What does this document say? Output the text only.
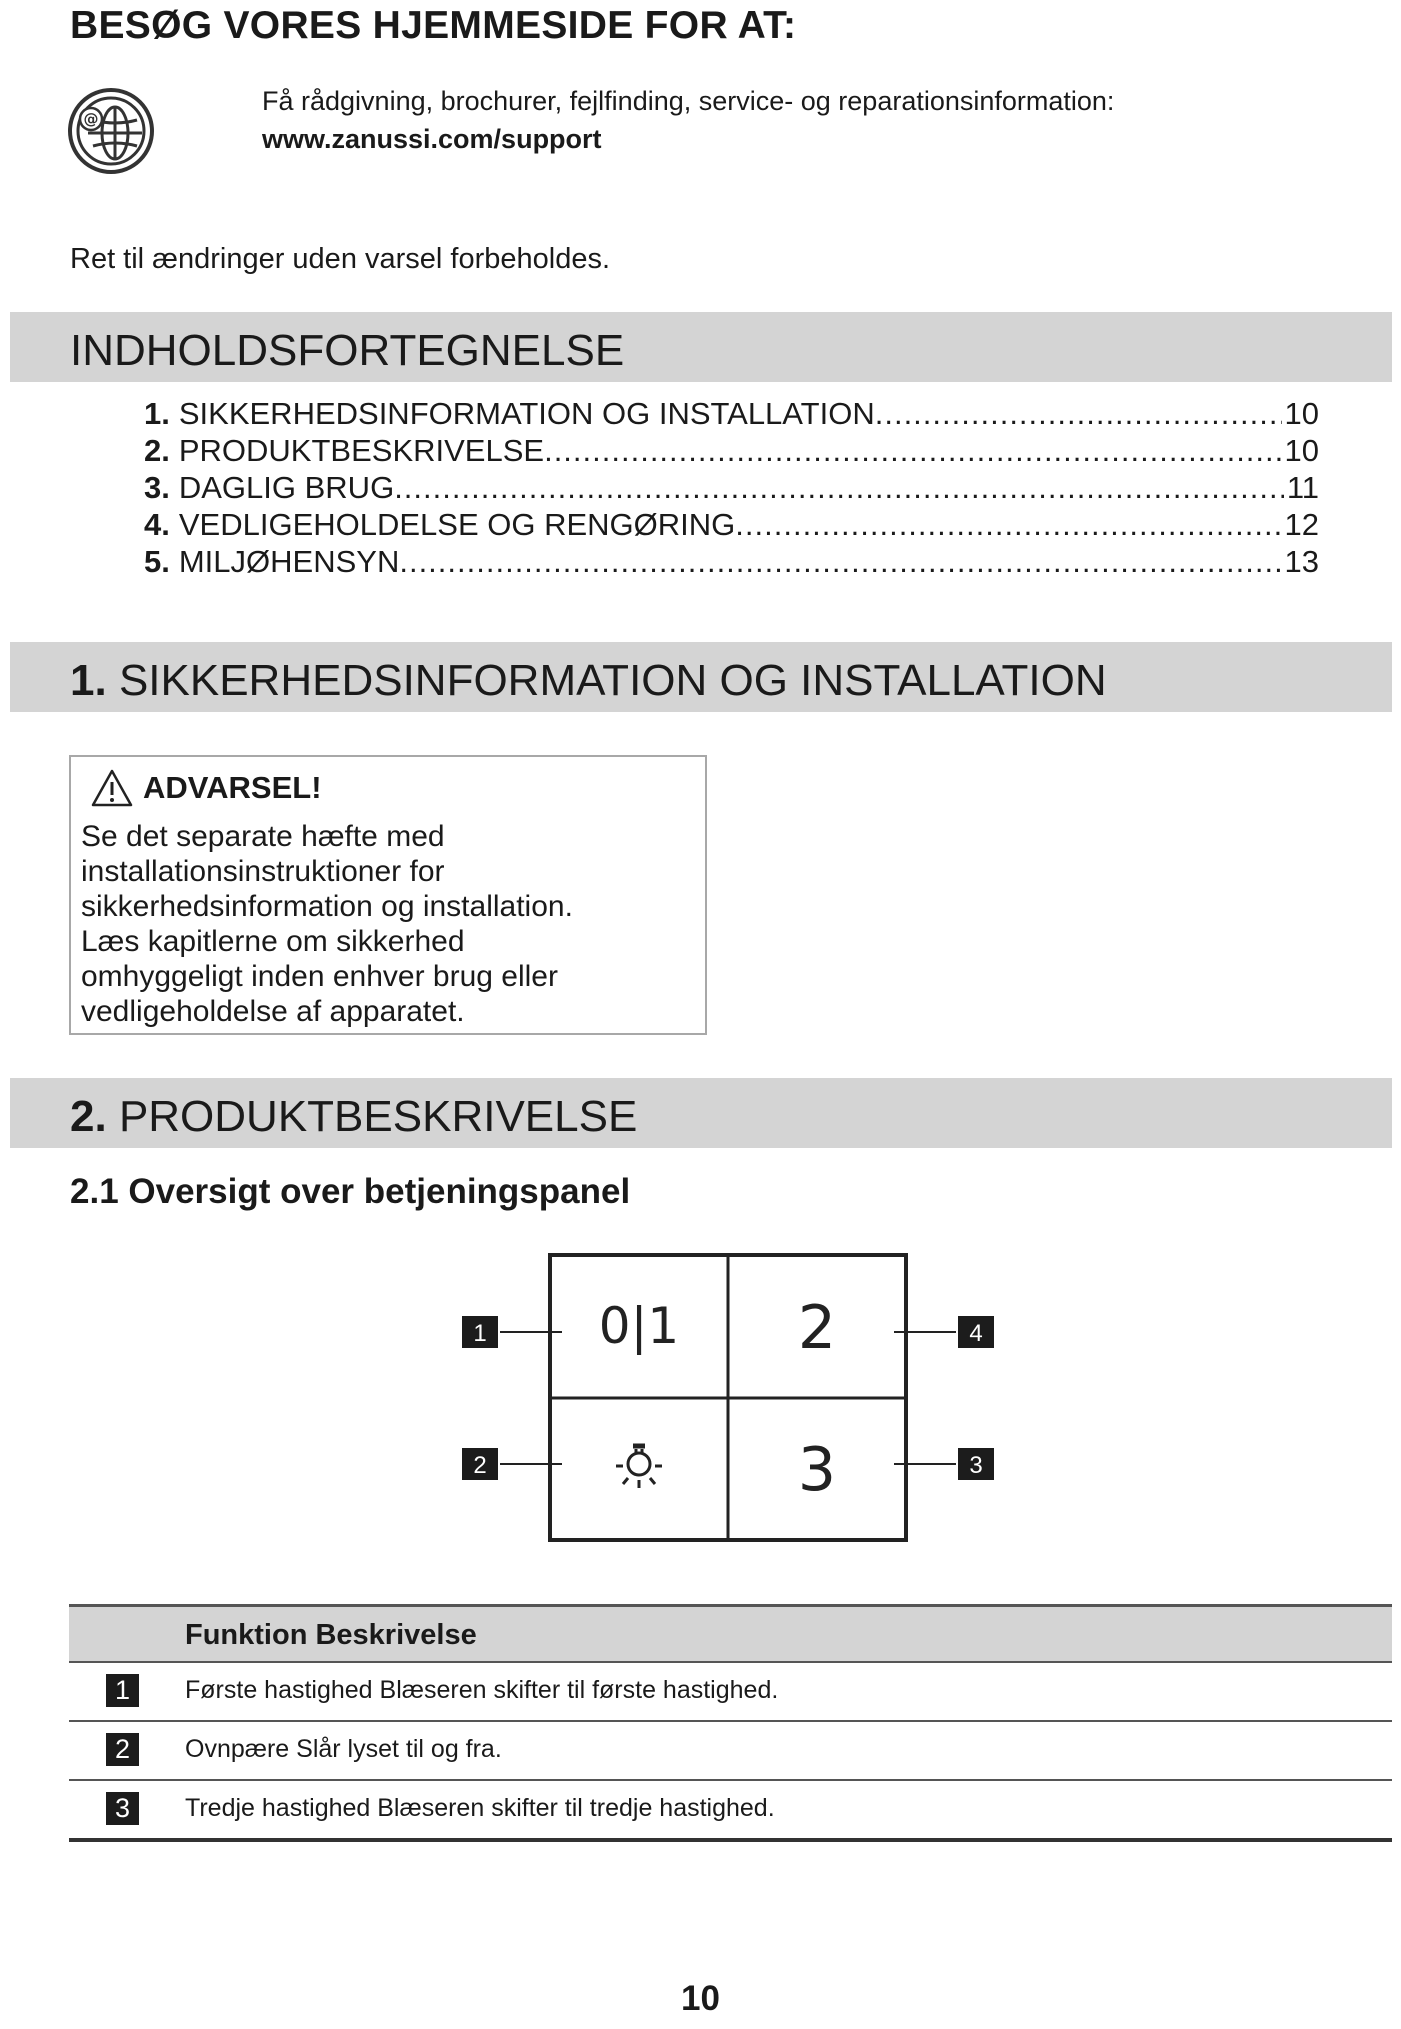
BESØG VORES HJEMMESIDE FOR AT:
@
Få rådgivning, brochurer, fejlfinding, service- og reparationsinformation:
www.zanussi.com/support
Ret til ændringer uden varsel forbeholdes.
INDHOLDSFORTEGNELSE
1. SIKKERHEDSINFORMATION OG INSTALLATION .....	10
2. PRODUKTBESKRIVELSE .....	10
3. DAGLIG BRUG .....	11
4. VEDLIGEHOLDELSE OG RENGØRING .....	12
5. MILJØHENSYN .....	13
1. SIKKERHEDSINFORMATION OG INSTALLATION
ADVARSEL!
Se det separate hæfte med
installationsinstruktioner for
sikkerhedsinformation og installation.
Læs kapitlerne om sikkerhed
omhyggeligt inden enhver brug eller
vedligeholdelse af apparatet.
2. PRODUKTBESKRIVELSE
2.1 Oversigt over betjeningspanel
0|1 2
3
1
2
4
3
Funktion Beskrivelse
1	Første hastighed Blæseren skifter til første hastighed.
2	Ovnpære Slår lyset til og fra.
3	Tredje hastighed Blæseren skifter til tredje hastighed.
10
